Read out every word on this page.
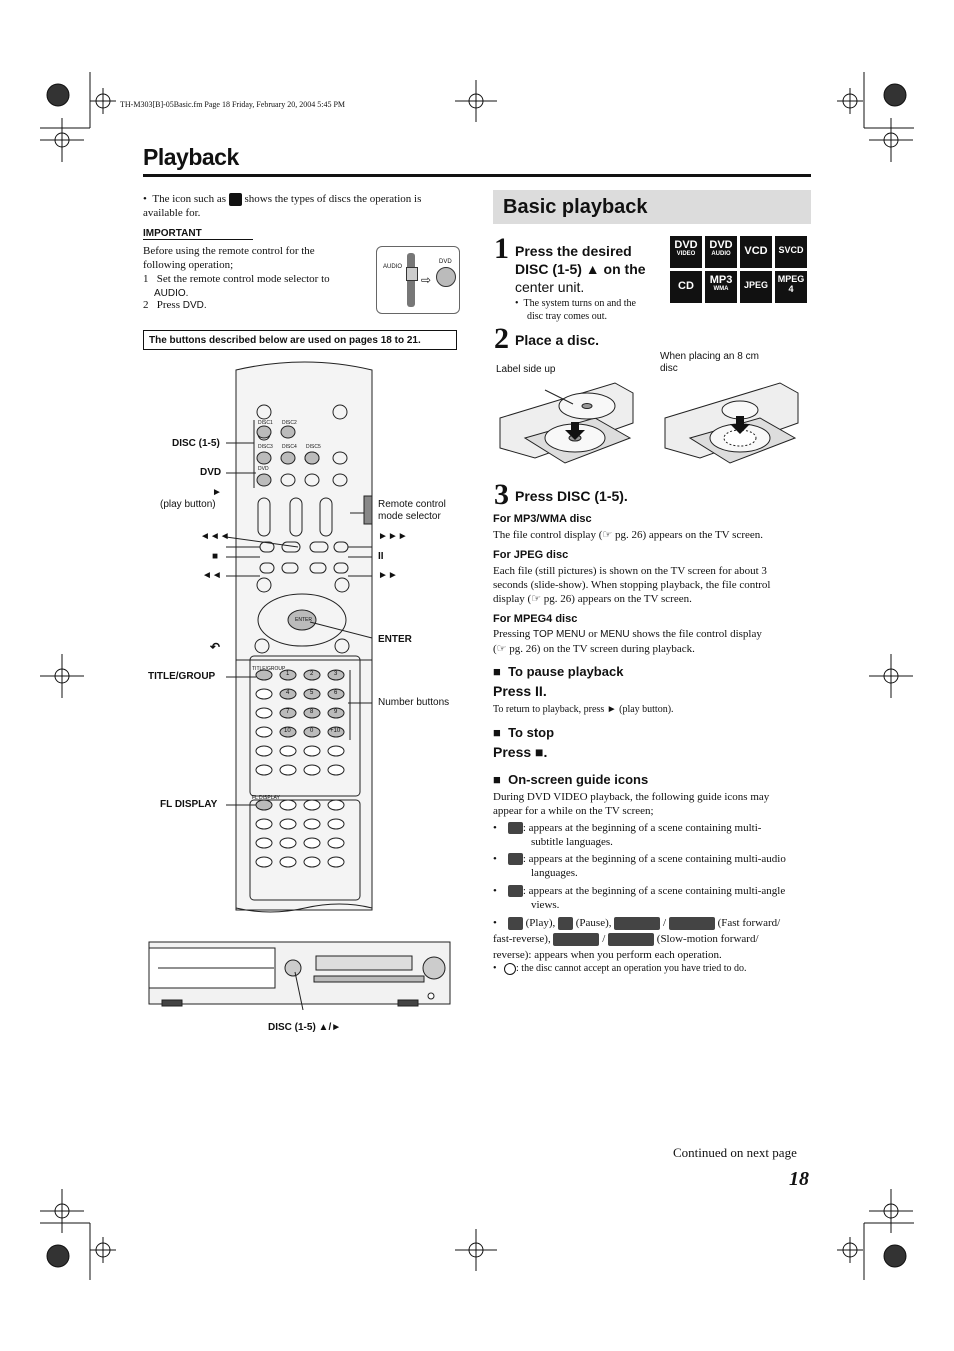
TH-M303[B]-05Basic.fm Page 18 Friday, February 20, 2004 5:45 PM
Playback
•  The icon such as shows the types of discs the operation is available for.
IMPORTANT
Before using the remote control for the following operation;
1 Set the remote control mode selector to
AUDIO.
2 Press DVD.
AUDIO
⇨
DVD
The buttons described below are used on pages 18 to 21.
DISC1 DISC2
DISC3 DISC4 DISC5
DVD
ENTER
TITLE/GROUP
FL DISPLAY
1	2	3
4	5	6
7	8	9
10	0	+10
DISC (1-5)
DVD
►
(play button)	Remote control
mode selector
◄◄◄	►►►
■	II
◄◄	►►
ENTER
↶
TITLE/GROUP
Number buttons
FL DISPLAY
DISC (1-5) ▲/►
Basic playback
1 Press the desired
DISC (1-5) ▲ on the
center unit.
•  The system turns on and the
disc tray comes out.
DVD
VIDEO
DVD
AUDIO	VCD	SVCD
CD	MP3
WMA	JPEG
MPEG
4
2 Place a disc.
Label side up
When placing an 8 cm
disc
3 Press DISC (1-5).
For MP3/WMA disc
The file control display (☞ pg. 26) appears on the TV screen.
For JPEG disc
Each file (still pictures) is shown on the TV screen for about 3
seconds (slide-show). When stopping playback, the file control
display (☞ pg. 26) appears on the TV screen.
For MPEG4 disc
Pressing TOP MENU or MENU shows the file control display
(☞ pg. 26) on the TV screen during playback.
■  To pause playback
Press II.
To return to playback, press ► (play button).
■  To stop
Press ■.
■  On-screen guide icons
During DVD VIDEO playback, the following guide icons may
appear for a while on the TV screen;
•    : appears at the beginning of a scene containing multi-
subtitle languages.
•    : appears at the beginning of a scene containing multi-audio
languages.
•    : appears at the beginning of a scene containing multi-angle
views.
•     (Play), (Pause),	/	(Fast forward/
fast-reverse),	/	(Slow-motion forward/
reverse): appears when you perform each operation.
•   : the disc cannot accept an operation you have tried to do.
Continued on next page
18
